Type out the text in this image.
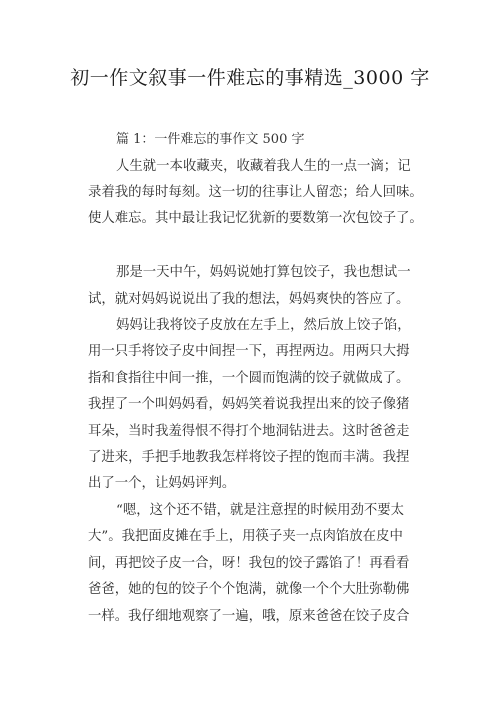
初一作文叙事一件难忘的事精选_3000 字
篇 1：一件难忘的事作文 500 字
人生就一本收藏夹，收藏着我人生的一点一滴；记
录着我的每时每刻。这一切的往事让人留恋；给人回味。
使人难忘。其中最让我记忆犹新的要数第一次包饺子了。
那是一天中午，妈妈说她打算包饺子，我也想试一
试，就对妈妈说说出了我的想法，妈妈爽快的答应了。
妈妈让我将饺子皮放在左手上，然后放上饺子馅，
用一只手将饺子皮中间捏一下，再捏两边。用两只大拇
指和食指往中间一推，一个圆而饱满的饺子就做成了。
我捏了一个叫妈妈看，妈妈笑着说我捏出来的饺子像猪
耳朵，当时我羞得恨不得打个地洞钻进去。这时爸爸走
了进来，手把手地教我怎样将饺子捏的饱而丰满。我捏
出了一个，让妈妈评判。
“嗯，这个还不错，就是注意捏的时候用劲不要太
大”。我把面皮摊在手上，用筷子夹一点肉馅放在皮中
间，再把饺子皮一合，呀！我包的饺子露馅了！再看看
爸爸，她的包的饺子个个饱满，就像一个个大肚弥勒佛
一样。我仔细地观察了一遍，哦，原来爸爸在饺子皮合
